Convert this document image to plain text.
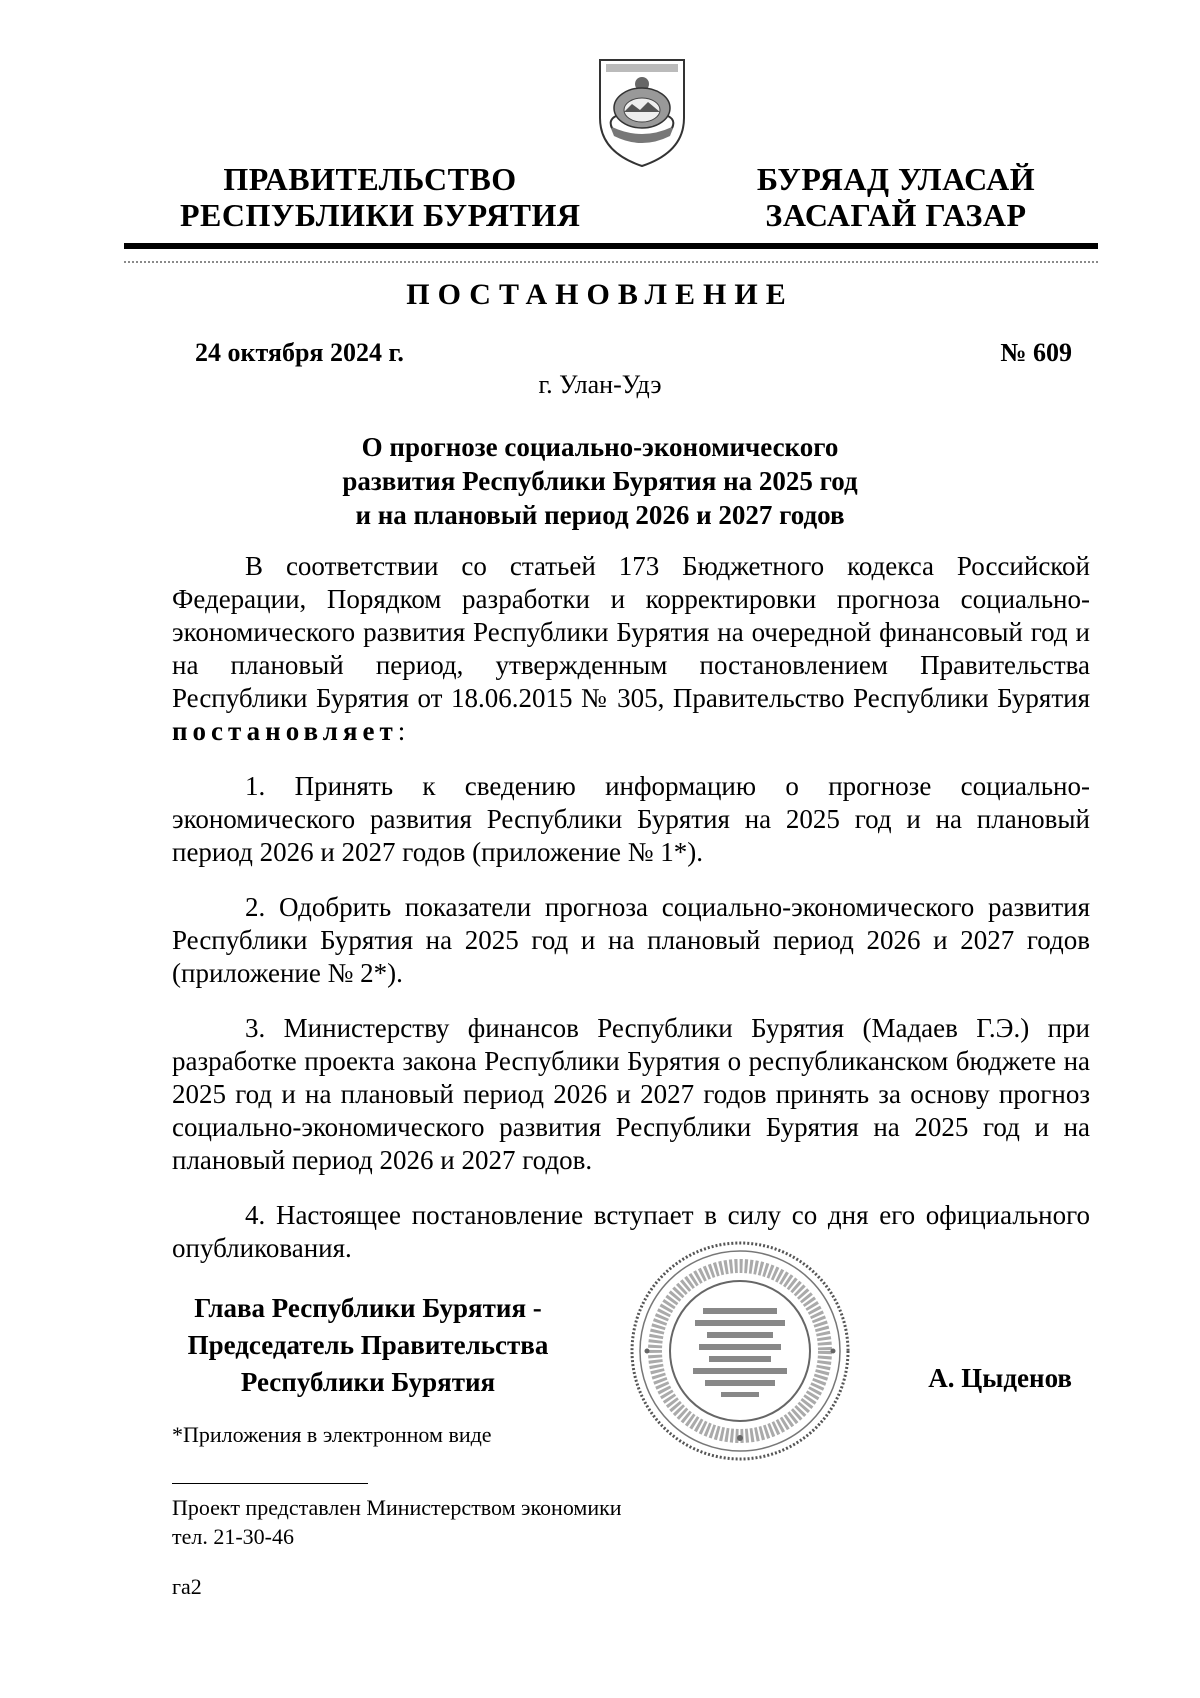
ПРАВИТЕЛЬСТВО
РЕСПУБЛИКИ БУРЯТИЯ
БУРЯАД УЛАСАЙ
ЗАСАГАЙ ГАЗАР
ПОСТАНОВЛЕНИЕ
24 октября 2024 г.	№ 609
г. Улан-Удэ
О прогнозе социально-экономического
развития Республики Бурятия на 2025 год
и на плановый период 2026 и 2027 годов

В соответствии со статьей 173 Бюджетного кодекса Российской Федерации, Порядком разработки и корректировки прогноза социально-экономического развития Республики Бурятия на очередной финансовый год и на плановый период, утвержденным постановлением Правительства Республики Бурятия от 18.06.2015 № 305, Правительство Республики Бурятия постановляет:

1. Принять к сведению информацию о прогнозе социально-экономического развития Республики Бурятия на 2025 год и на плановый период 2026 и 2027 годов (приложение № 1*).

2. Одобрить показатели прогноза социально-экономического развития Республики Бурятия на 2025 год и на плановый период 2026 и 2027 годов (приложение № 2*).

3. Министерству финансов Республики Бурятия (Мадаев Г.Э.) при разработке проекта закона Республики Бурятия о республиканском бюджете на 2025 год и на плановый период 2026 и 2027 годов принять за основу прогноз социально-экономического развития Республики Бурятия на 2025 год и на плановый период 2026 и 2027 годов.

4. Настоящее постановление вступает в силу со дня его официального опубликования.

Глава Республики Бурятия -
Председатель Правительства
Республики Бурятия	А. Цыденов
*Приложения в электронном виде
Проект представлен Министерством экономики
тел. 21-30-46
га2
